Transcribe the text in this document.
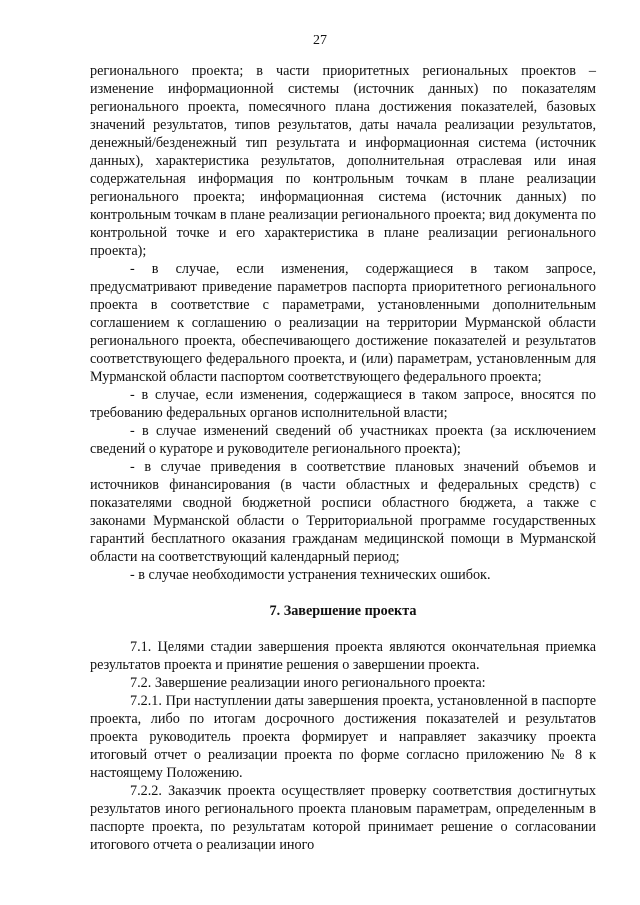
27

регионального проекта; в части приоритетных региональных проектов – изменение информационной системы (источник данных) по показателям регионального проекта, помесячного плана достижения показателей, базовых значений результатов, типов результатов, даты начала реализации результатов, денежный/безденежный тип результата и информационная система (источник данных), характеристика результатов, дополнительная отраслевая или иная содержательная информация по контрольным точкам в плане реализации регионального проекта; информационная система (источник данных) по контрольным точкам в плане реализации регионального проекта; вид документа по контрольной точке и его характеристика в плане реализации регионального проекта);

- в случае, если изменения, содержащиеся в таком запросе, предусматривают приведение параметров паспорта приоритетного регионального проекта в соответствие с параметрами, установленными дополнительным соглашением к соглашению о реализации на территории Мурманской области регионального проекта, обеспечивающего достижение показателей и результатов соответствующего федерального проекта, и (или) параметрам, установленным для Мурманской области паспортом соответствующего федерального проекта;

- в случае, если изменения, содержащиеся в таком запросе, вносятся по требованию федеральных органов исполнительной власти;

- в случае изменений сведений об участниках проекта (за исключением сведений о кураторе и руководителе регионального проекта);

- в случае приведения в соответствие плановых значений объемов и источников финансирования (в части областных и федеральных средств) с показателями сводной бюджетной росписи областного бюджета, а также с законами Мурманской области о Территориальной программе государственных гарантий бесплатного оказания гражданам медицинской помощи в Мурманской области на соответствующий календарный период;

- в случае необходимости устранения технических ошибок.

7. Завершение проекта

7.1. Целями стадии завершения проекта являются окончательная приемка результатов проекта и принятие решения о завершении проекта.

7.2. Завершение реализации иного регионального проекта:

7.2.1. При наступлении даты завершения проекта, установленной в паспорте проекта, либо по итогам досрочного достижения показателей и результатов проекта руководитель проекта формирует и направляет заказчику проекта итоговый отчет о реализации проекта по форме согласно приложению № 8 к настоящему Положению.

7.2.2. Заказчик проекта осуществляет проверку соответствия достигнутых результатов иного регионального проекта плановым параметрам, определенным в паспорте проекта, по результатам которой принимает решение о согласовании итогового отчета о реализации иного
